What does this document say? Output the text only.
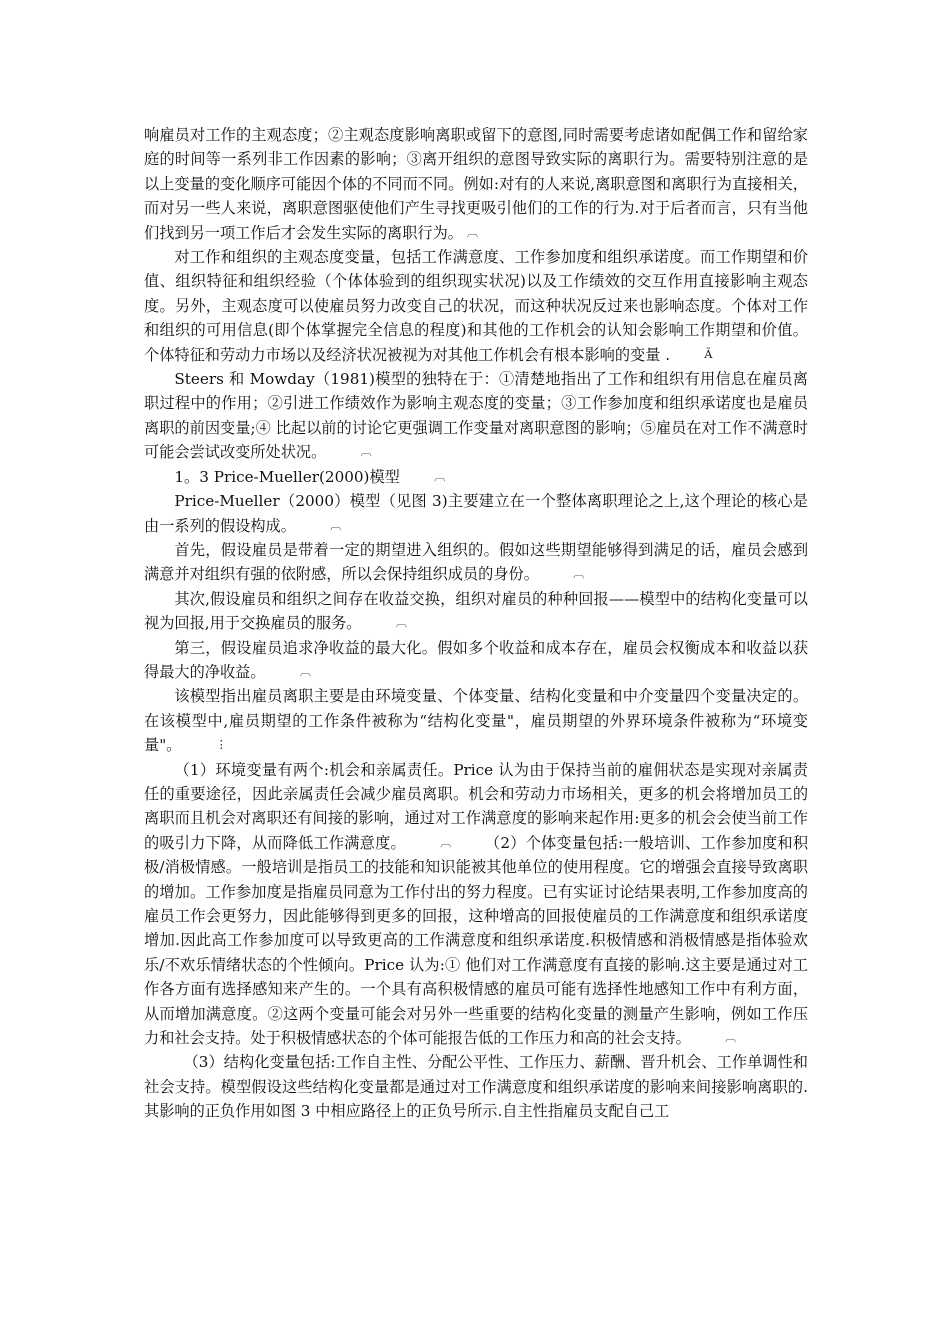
响雇员对工作的主观态度；②主观态度影响离职或留下的意图,同时需要考虑诸如配偶工作和留给家庭的时间等一系列非工作因素的影响；③离开组织的意图导致实际的离职行为。需要特别注意的是以上变量的变化顺序可能因个体的不同而不同。例如:对有的人来说,离职意图和离职行为直接相关，而对另一些人来说，离职意图驱使他们产生寻找更吸引他们的工作的行为.对于后者而言，只有当他们找到另一项工作后才会发生实际的离职行为。 ︹

对工作和组织的主观态度变量，包括工作满意度、工作参加度和组织承诺度。而工作期望和价值、组织特征和组织经验（个体体验到的组织现实状况)以及工作绩效的交互作用直接影响主观态度。另外，主观态度可以使雇员努力改变自己的状况，而这种状况反过来也影响态度。个体对工作和组织的可用信息(即个体掌握完全信息的程度)和其他的工作机会的认知会影响工作期望和价值。个体特征和劳动力市场以及经济状况被视为对其他工作机会有根本影响的变量 .	Ã

Steers 和 Mowday（1981)模型的独特在于：①清楚地指出了工作和组织有用信息在雇员离职过程中的作用；②引进工作绩效作为影响主观态度的变量；③工作参加度和组织承诺度也是雇员离职的前因变量;④ 比起以前的讨论它更强调工作变量对离职意图的影响；⑤雇员在对工作不满意时可能会尝试改变所处状况。	︹

1。3 Price-Mueller(2000)模型	︹

Price-Mueller（2000）模型（见图 3)主要建立在一个整体离职理论之上,这个理论的核心是由一系列的假设构成。	︹

首先，假设雇员是带着一定的期望进入组织的。假如这些期望能够得到满足的话，雇员会感到满意并对组织有强的依附感，所以会保持组织成员的身份。	︹

其次,假设雇员和组织之间存在收益交换，组织对雇员的种种回报——模型中的结构化变量可以视为回报,用于交换雇员的服务。	︹

第三，假设雇员追求净收益的最大化。假如多个收益和成本存在，雇员会权衡成本和收益以获得最大的净收益。	︹

该模型指出雇员离职主要是由环境变量、个体变量、结构化变量和中介变量四个变量决定的。在该模型中,雇员期望的工作条件被称为“结构化变量"，雇员期望的外界环境条件被称为“环境变量"。	⋮

（1）环境变量有两个:机会和亲属责任。Price 认为由于保持当前的雇佣状态是实现对亲属责任的重要途径，因此亲属责任会减少雇员离职。机会和劳动力市场相关，更多的机会将增加员工的离职而且机会对离职还有间接的影响，通过对工作满意度的影响来起作用:更多的机会会使当前工作的吸引力下降，从而降低工作满意度。	︹ （2）个体变量包括:一般培训、工作参加度和积极/消极情感。一般培训是指员工的技能和知识能被其他单位的使用程度。它的增强会直接导致离职的增加。工作参加度是指雇员同意为工作付出的努力程度。已有实证讨论结果表明,工作参加度高的雇员工作会更努力，因此能够得到更多的回报，这种增高的回报使雇员的工作满意度和组织承诺度增加.因此高工作参加度可以导致更高的工作满意度和组织承诺度.积极情感和消极情感是指体验欢乐/不欢乐情绪状态的个性倾向。Price 认为:① 他们对工作满意度有直接的影响.这主要是通过对工作各方面有选择感知来产生的。一个具有高积极情感的雇员可能有选择性地感知工作中有利方面，从而增加满意度。②这两个变量可能会对另外一些重要的结构化变量的测量产生影响，例如工作压力和社会支持。处于积极情感状态的个体可能报告低的工作压力和高的社会支持。	︹

（3）结构化变量包括:工作自主性、分配公平性、工作压力、薪酬、晋升机会、工作单调性和社会支持。模型假设这些结构化变量都是通过对工作满意度和组织承诺度的影响来间接影响离职的.其影响的正负作用如图 3 中相应路径上的正负号所示.自主性指雇员支配自己工
